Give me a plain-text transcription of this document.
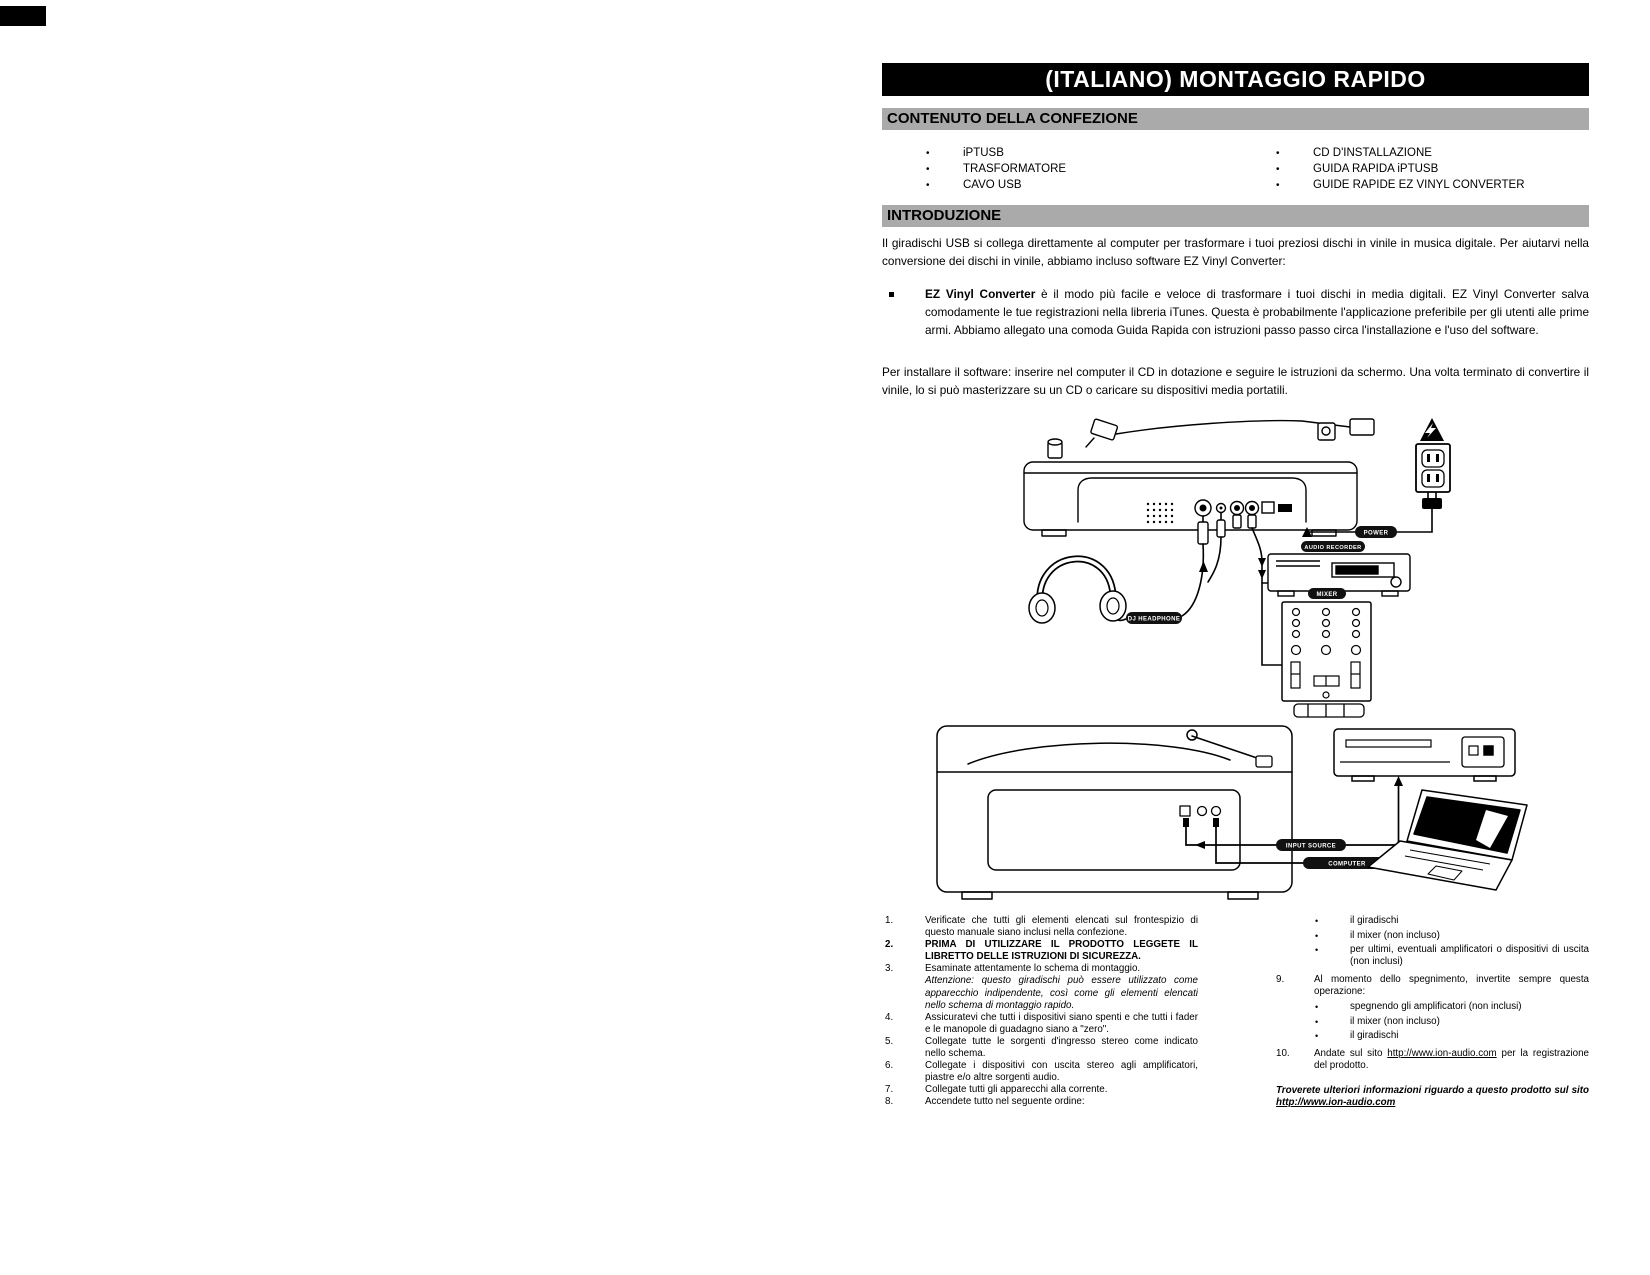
(ITALIANO) MONTAGGIO RAPIDO
CONTENUTO DELLA CONFEZIONE
•	iPTUSB
•	TRASFORMATORE
•	CAVO USB
•	CD D'INSTALLAZIONE
•	GUIDA RAPIDA iPTUSB
•	GUIDE RAPIDE EZ VINYL CONVERTER
INTRODUZIONE
Il giradischi USB si collega direttamente al computer per trasformare i tuoi preziosi dischi in vinile in musica digitale. Per aiutarvi nella conversione dei dischi in vinile, abbiamo incluso software EZ Vinyl Converter:
EZ Vinyl Converter è il modo più facile e veloce di trasformare i tuoi dischi in media digitali. EZ Vinyl Converter salva comodamente le tue registrazioni nella libreria iTunes. Questa è probabilmente l'applicazione preferibile per gli utenti alle prime armi. Abbiamo allegato una comoda Guida Rapida con istruzioni passo passo circa l'installazione e l'uso del software.
Per installare il software: inserire nel computer il CD in dotazione e seguire le istruzioni da schermo. Una volta terminato di convertire il vinile, lo si può masterizzare su un CD o caricare su dispositivi media portatili.
DJ HEADPHONE
AUDIO RECORDER
MIXER
POWER
INPUT SOURCE
COMPUTER
1.	Verificate che tutti gli elementi elencati sul frontespizio di questo manuale siano inclusi nella confezione.
2.	PRIMA DI UTILIZZARE IL PRODOTTO LEGGETE IL LIBRETTO DELLE ISTRUZIONI DI SICUREZZA.
3.	Esaminate attentamente lo schema di montaggio.
Attenzione: questo giradischi può essere utilizzato come apparecchio indipendente, così come gli elementi elencati nello schema di montaggio rapido.
4.	Assicuratevi che tutti i dispositivi siano spenti e che tutti i fader e le manopole di guadagno siano a "zero".
5.	Collegate tutte le sorgenti d'ingresso stereo come indicato nello schema.
6.	Collegate i dispositivi con uscita stereo agli amplificatori, piastre e/o altre sorgenti audio.
7.	Collegate tutti gli apparecchi alla corrente.
8.	Accendete tutto nel seguente ordine:
•	il giradischi
•	il mixer (non incluso)
•	per ultimi, eventuali amplificatori o dispositivi di uscita (non inclusi)
9.	Al momento dello spegnimento, invertite sempre questa operazione:
•	spegnendo gli amplificatori (non inclusi)
•	il mixer (non incluso)
•	il giradischi
10.	Andate sul sito http://www.ion-audio.com per la registrazione del prodotto.
Troverete ulteriori informazioni riguardo a questo prodotto sul sito http://www.ion-audio.com
